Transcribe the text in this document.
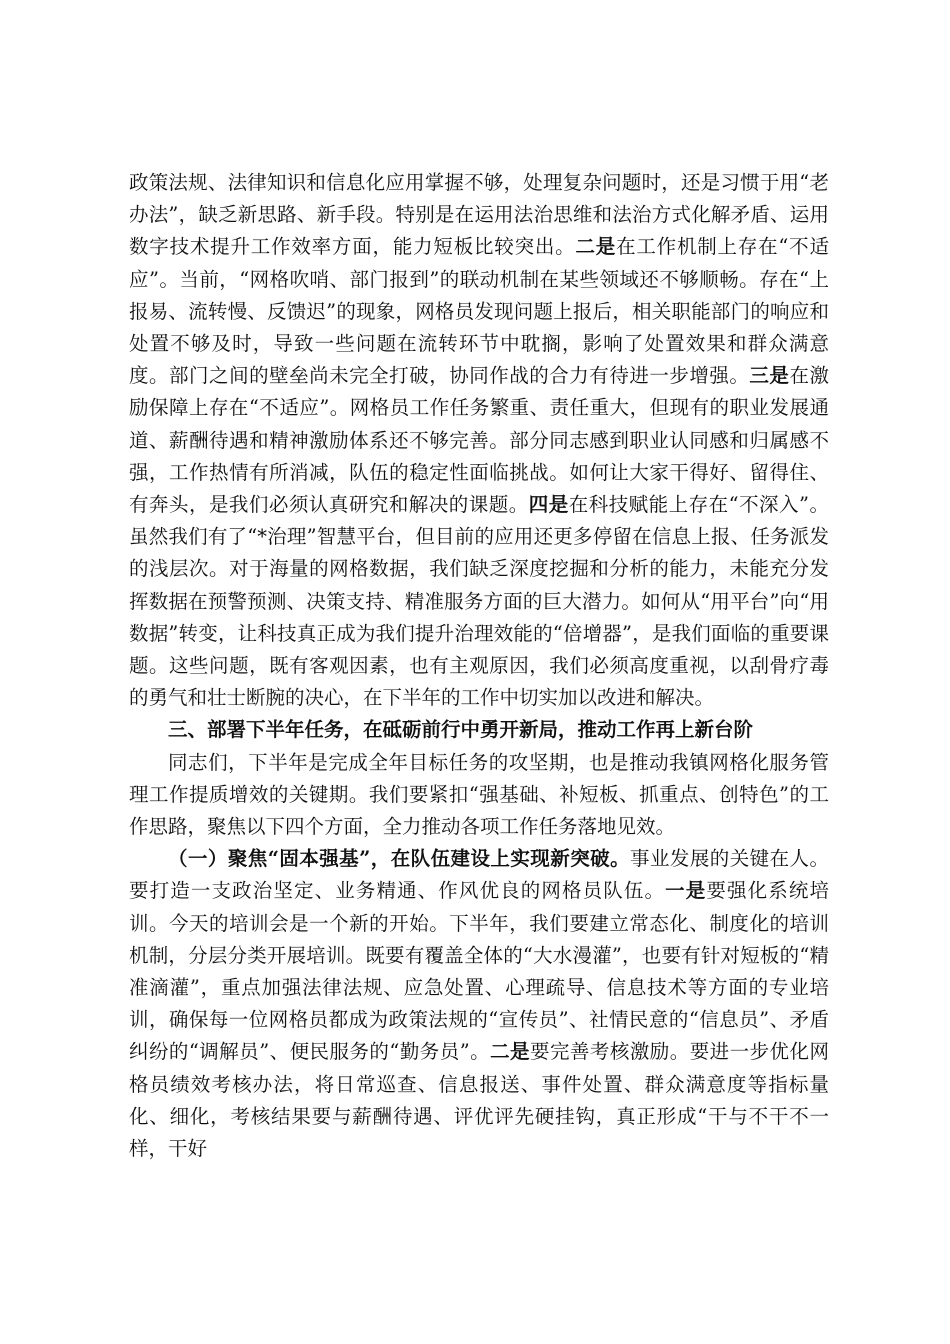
政策法规、法律知识和信息化应用掌握不够，处理复杂问题时，还是习惯于用“老办法”，缺乏新思路、新手段。特别是在运用法治思维和法治方式化解矛盾、运用数字技术提升工作效率方面，能力短板比较突出。二是在工作机制上存在“不适应”。当前，“网格吹哨、部门报到”的联动机制在某些领域还不够顺畅。存在“上报易、流转慢、反馈迟”的现象，网格员发现问题上报后，相关职能部门的响应和处置不够及时，导致一些问题在流转环节中耽搁，影响了处置效果和群众满意度。部门之间的壁垒尚未完全打破，协同作战的合力有待进一步增强。三是在激励保障上存在“不适应”。网格员工作任务繁重、责任重大，但现有的职业发展通道、薪酬待遇和精神激励体系还不够完善。部分同志感到职业认同感和归属感不强，工作热情有所消减，队伍的稳定性面临挑战。如何让大家干得好、留得住、有奔头，是我们必须认真研究和解决的课题。四是在科技赋能上存在“不深入”。虽然我们有了“*治理”智慧平台，但目前的应用还更多停留在信息上报、任务派发的浅层次。对于海量的网格数据，我们缺乏深度挖掘和分析的能力，未能充分发挥数据在预警预测、决策支持、精准服务方面的巨大潜力。如何从“用平台”向“用数据”转变，让科技真正成为我们提升治理效能的“倍增器”，是我们面临的重要课题。这些问题，既有客观因素，也有主观原因，我们必须高度重视，以刮骨疗毒的勇气和壮士断腕的决心，在下半年的工作中切实加以改进和解决。

三、部署下半年任务，在砥砺前行中勇开新局，推动工作再上新台阶

同志们，下半年是完成全年目标任务的攻坚期，也是推动我镇网格化服务管理工作提质增效的关键期。我们要紧扣“强基础、补短板、抓重点、创特色”的工作思路，聚焦以下四个方面，全力推动各项工作任务落地见效。

（一）聚焦“固本强基”，在队伍建设上实现新突破。事业发展的关键在人。要打造一支政治坚定、业务精通、作风优良的网格员队伍。一是要强化系统培训。今天的培训会是一个新的开始。下半年，我们要建立常态化、制度化的培训机制，分层分类开展培训。既要有覆盖全体的“大水漫灌”，也要有针对短板的“精准滴灌”，重点加强法律法规、应急处置、心理疏导、信息技术等方面的专业培训，确保每一位网格员都成为政策法规的“宣传员”、社情民意的“信息员”、矛盾纠纷的“调解员”、便民服务的“勤务员”。二是要完善考核激励。要进一步优化网格员绩效考核办法，将日常巡查、信息报送、事件处置、群众满意度等指标量化、细化，考核结果要与薪酬待遇、评优评先硬挂钩，真正形成“干与不干不一样，干好
